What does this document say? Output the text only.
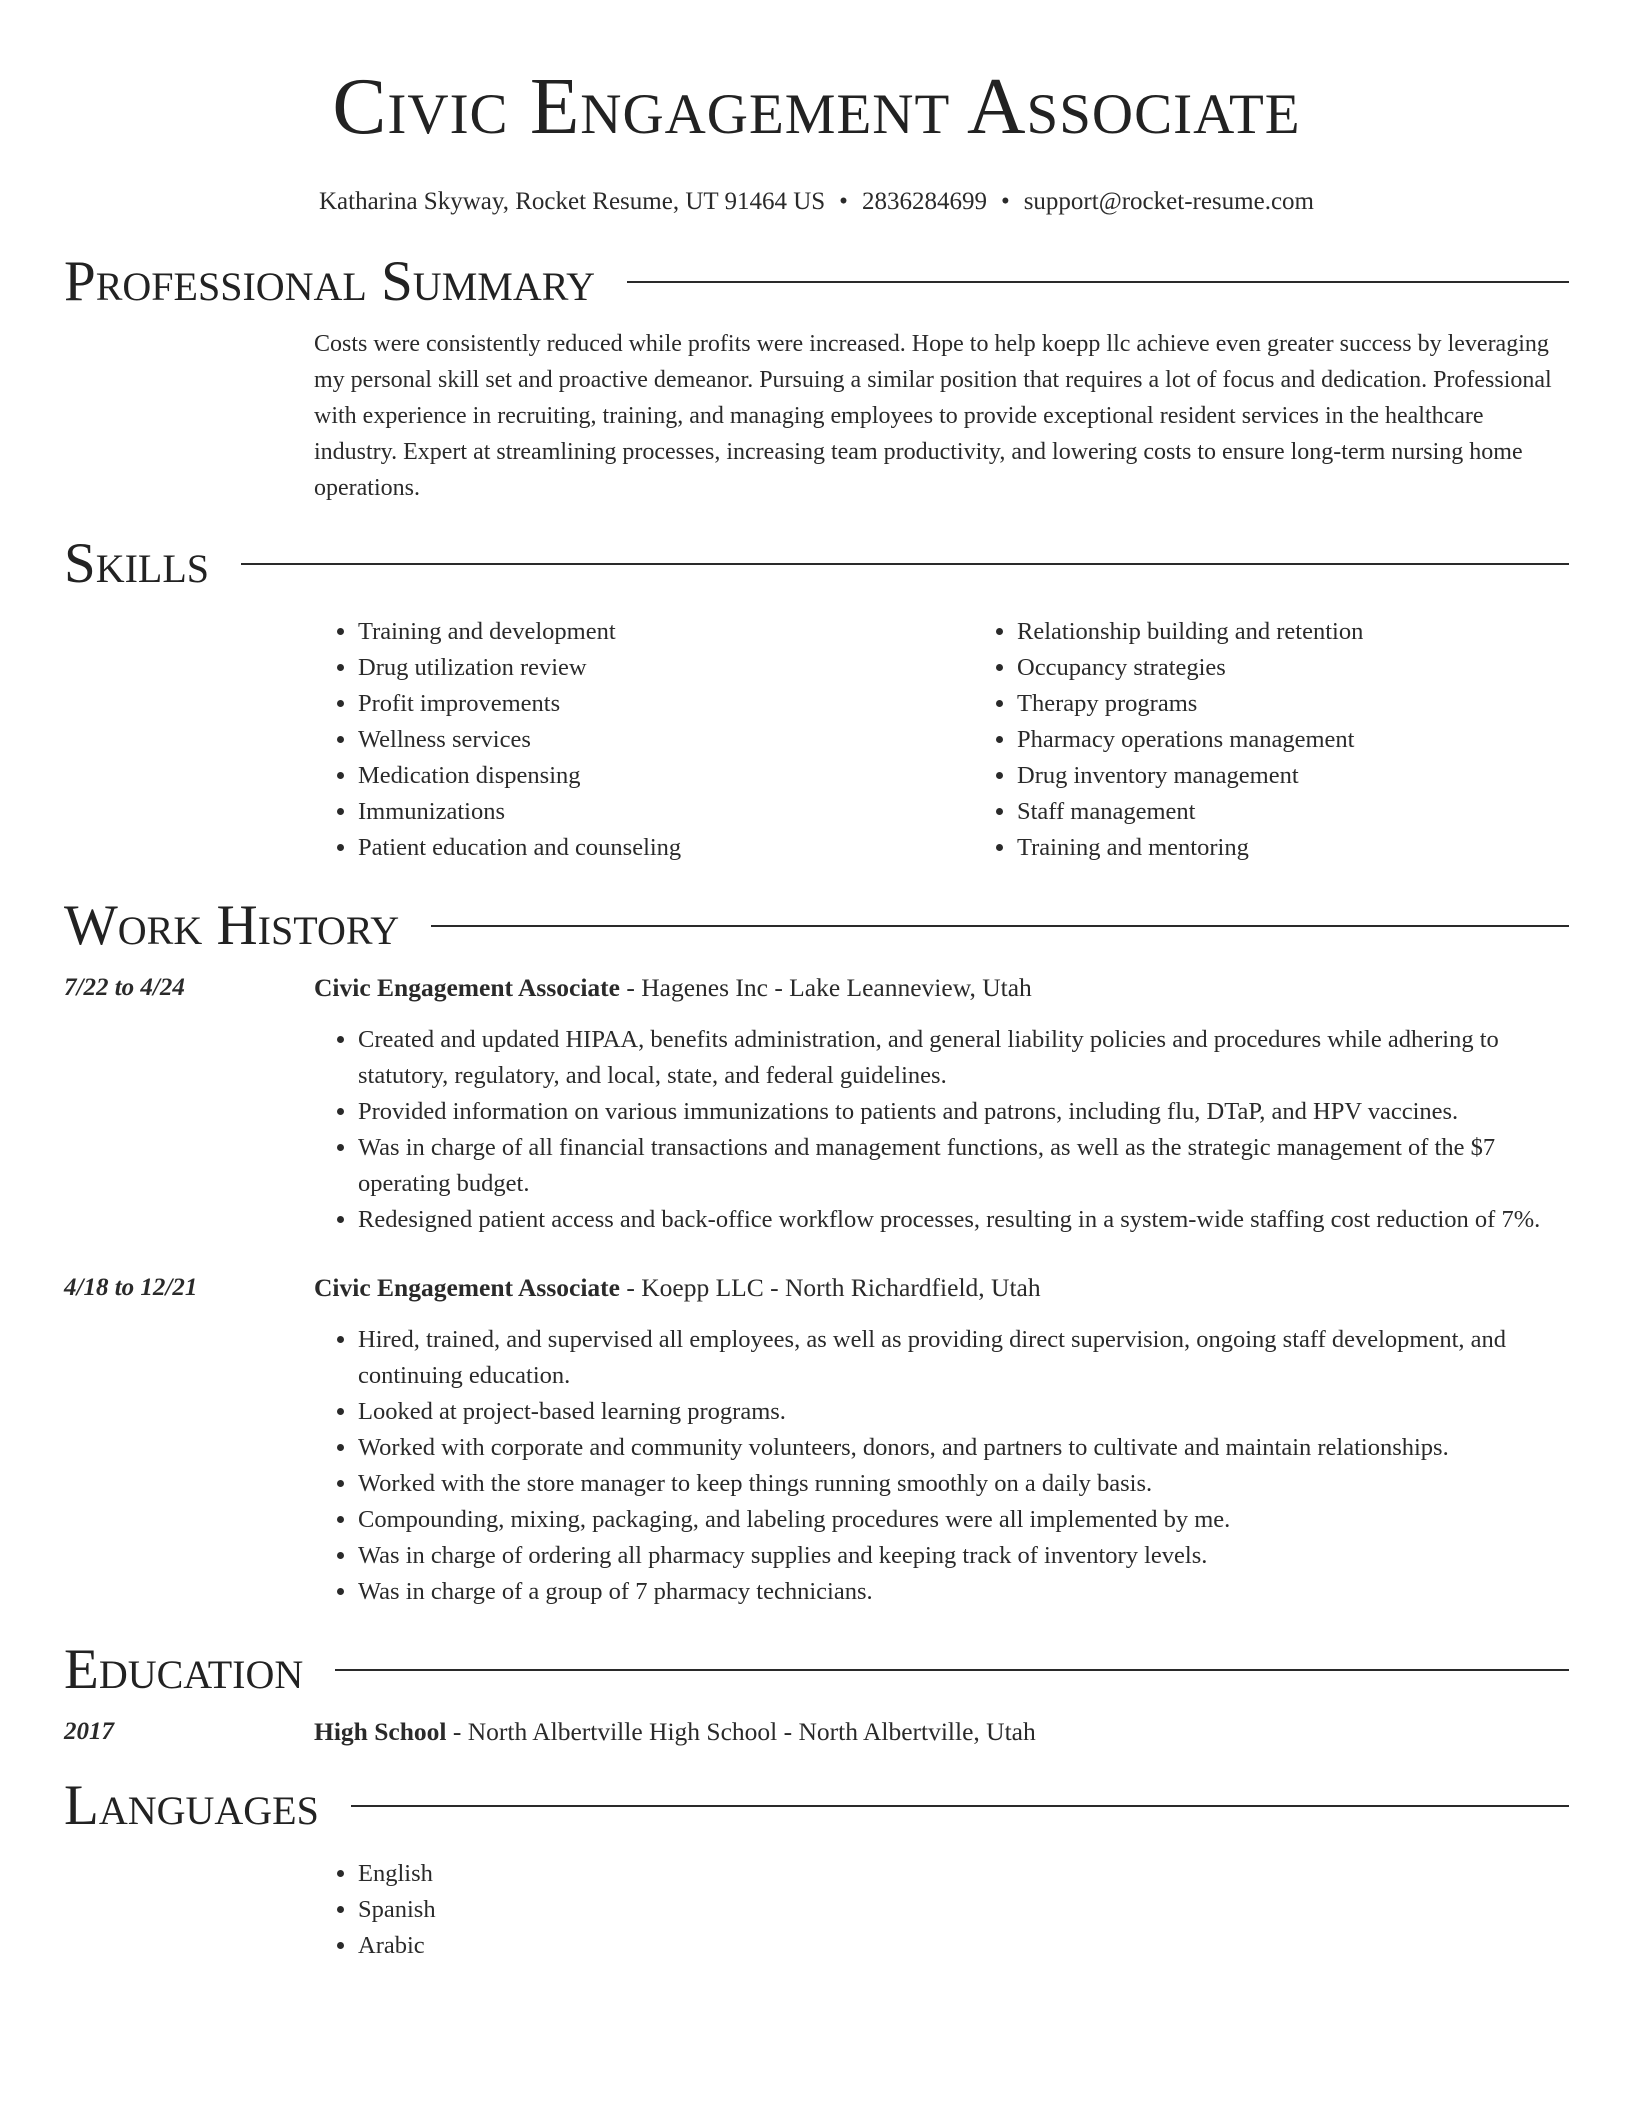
Civic Engagement Associate
Katharina Skyway, Rocket Resume, UT 91464 US • 2836284699 • support@rocket-resume.com
Professional Summary

Costs were consistently reduced while profits were increased. Hope to help koepp llc achieve even greater success by leveraging my personal skill set and proactive demeanor. Pursuing a similar position that requires a lot of focus and dedication. Professional with experience in recruiting, training, and managing employees to provide exceptional resident services in the healthcare industry. Expert at streamlining processes, increasing team productivity, and lowering costs to ensure long-term nursing home operations.

Skills
• Training and development
• Drug utilization review
• Profit improvements
• Wellness services
• Medication dispensing
• Immunizations
• Patient education and counseling
• Relationship building and retention
• Occupancy strategies
• Therapy programs
• Pharmacy operations management
• Drug inventory management
• Staff management
• Training and mentoring
Work History
7/22 to 4/24	Civic Engagement Associate - Hagenes Inc - Lake Leanneview, Utah
• Created and updated HIPAA, benefits administration, and general liability policies and procedures while adhering to statutory, regulatory, and local, state, and federal guidelines.
• Provided information on various immunizations to patients and patrons, including flu, DTaP, and HPV vaccines.
• Was in charge of all financial transactions and management functions, as well as the strategic management of the $7 operating budget.
• Redesigned patient access and back-office workflow processes, resulting in a system-wide staffing cost reduction of 7%.
4/18 to 12/21	Civic Engagement Associate - Koepp LLC - North Richardfield, Utah
• Hired, trained, and supervised all employees, as well as providing direct supervision, ongoing staff development, and continuing education.
• Looked at project-based learning programs.
• Worked with corporate and community volunteers, donors, and partners to cultivate and maintain relationships.
• Worked with the store manager to keep things running smoothly on a daily basis.
• Compounding, mixing, packaging, and labeling procedures were all implemented by me.
• Was in charge of ordering all pharmacy supplies and keeping track of inventory levels.
• Was in charge of a group of 7 pharmacy technicians.
Education
2017	High School - North Albertville High School - North Albertville, Utah
Languages
• English
• Spanish
• Arabic
